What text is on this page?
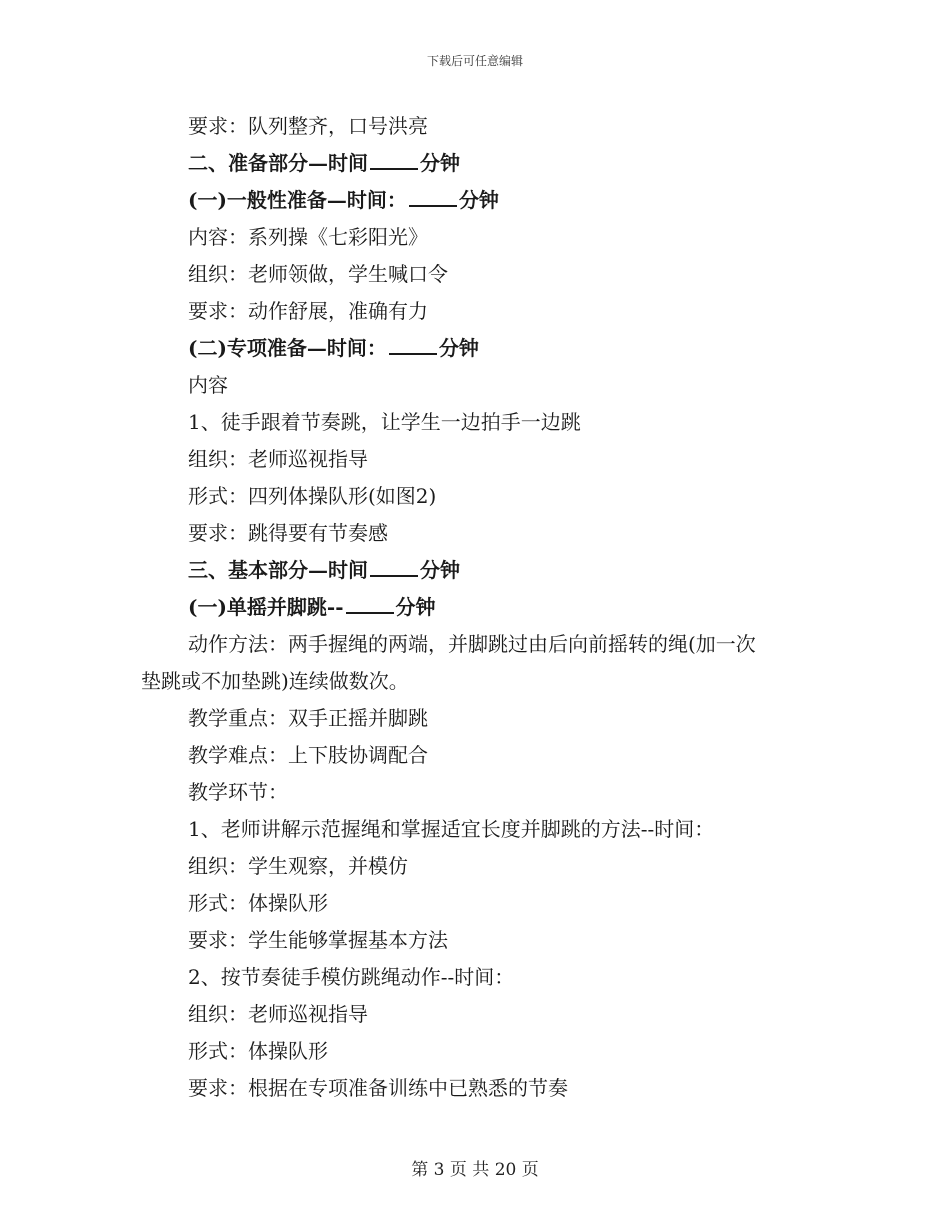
下载后可任意编辑
要求：队列整齐，口号洪亮
二、准备部分—时间	分钟
(一)一般性准备—时间：	分钟
内容：系列操《七彩阳光》
组织：老师领做，学生喊口令
要求：动作舒展，准确有力
(二)专项准备—时间：	分钟
内容
1、徒手跟着节奏跳，让学生一边拍手一边跳
组织：老师巡视指导
形式：四列体操队形(如图2)
要求：跳得要有节奏感
三、基本部分—时间	分钟
(一)单摇并脚跳--	分钟
动作方法：两手握绳的两端，并脚跳过由后向前摇转的绳(加一次
垫跳或不加垫跳)连续做数次。
教学重点：双手正摇并脚跳
教学难点：上下肢协调配合
教学环节：
1、老师讲解示范握绳和掌握适宜长度并脚跳的方法--时间：
组织：学生观察，并模仿
形式：体操队形
要求：学生能够掌握基本方法
2、按节奏徒手模仿跳绳动作--时间：
组织：老师巡视指导
形式：体操队形
要求：根据在专项准备训练中已熟悉的节奏
第 3 页 共 20 页
